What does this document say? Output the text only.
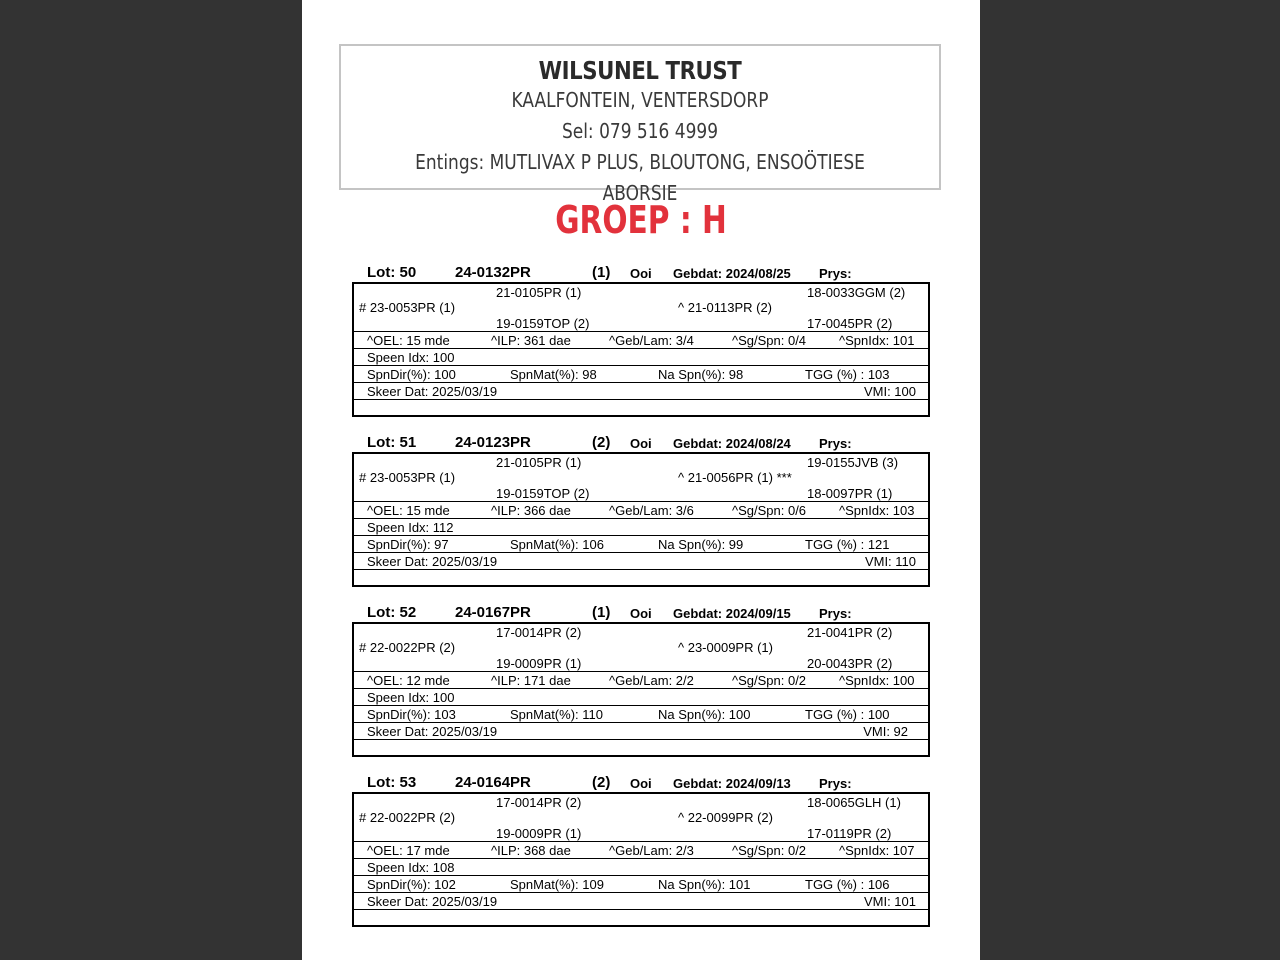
WILSUNEL TRUST
KAALFONTEIN, VENTERSDORP
Sel: 079 516 4999
Entings: MUTLIVAX P PLUS, BLOUTONG, ENSOÖTIESE ABORSIE
GROEP : H
Lot: 50	24-0132PR	(1) Ooi Gebdat: 2024/08/25 Prys:
21-0105PR (1)	18-0033GGM (2)
# 23-0053PR (1)	^ 21-0113PR (2)
19-0159TOP (2)	17-0045PR (2)
^OEL: 15 mde	^ILP: 361 dae	^Geb/Lam: 3/4	^Sg/Spn: 0/4	^SpnIdx: 101
Speen Idx: 100
SpnDir(%): 100	SpnMat(%): 98	Na Spn(%): 98	TGG (%) : 103
Skeer Dat: 2025/03/19	VMI: 100
Lot: 51	24-0123PR	(2) Ooi Gebdat: 2024/08/24 Prys:
21-0105PR (1)	19-0155JVB (3)
# 23-0053PR (1)	^ 21-0056PR (1) ***
19-0159TOP (2)	18-0097PR (1)
^OEL: 15 mde	^ILP: 366 dae	^Geb/Lam: 3/6	^Sg/Spn: 0/6	^SpnIdx: 103
Speen Idx: 112
SpnDir(%): 97	SpnMat(%): 106	Na Spn(%): 99	TGG (%) : 121
Skeer Dat: 2025/03/19	VMI: 110
Lot: 52	24-0167PR	(1) Ooi Gebdat: 2024/09/15 Prys:
17-0014PR (2)	21-0041PR (2)
# 22-0022PR (2)	^ 23-0009PR (1)
19-0009PR (1)	20-0043PR (2)
^OEL: 12 mde	^ILP: 171 dae	^Geb/Lam: 2/2	^Sg/Spn: 0/2	^SpnIdx: 100
Speen Idx: 100
SpnDir(%): 103	SpnMat(%): 110	Na Spn(%): 100	TGG (%) : 100
Skeer Dat: 2025/03/19	VMI: 92
Lot: 53	24-0164PR	(2) Ooi Gebdat: 2024/09/13 Prys:
17-0014PR (2)	18-0065GLH (1)
# 22-0022PR (2)	^ 22-0099PR (2)
19-0009PR (1)	17-0119PR (2)
^OEL: 17 mde	^ILP: 368 dae	^Geb/Lam: 2/3	^Sg/Spn: 0/2	^SpnIdx: 107
Speen Idx: 108
SpnDir(%): 102	SpnMat(%): 109	Na Spn(%): 101	TGG (%) : 106
Skeer Dat: 2025/03/19	VMI: 101
